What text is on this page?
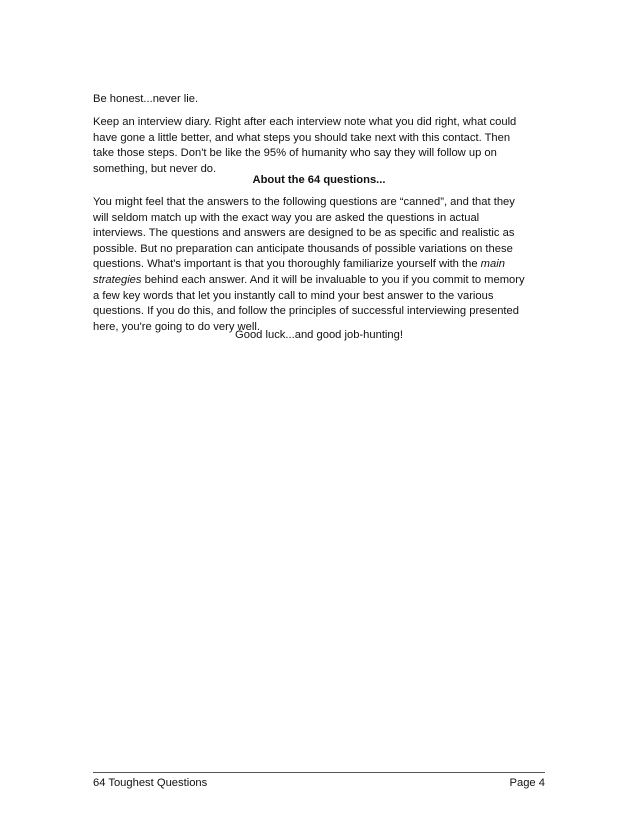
Be honest...never lie.
Keep an interview diary. Right after each interview note what you did right, what could
have gone a little better, and what steps you should take next with this contact. Then
take those steps. Don't be like the 95% of humanity who say they will follow up on
something, but never do.
About the 64 questions...
You might feel that the answers to the following questions are “canned”, and that they
will seldom match up with the exact way you are asked the questions in actual
interviews. The questions and answers are designed to be as specific and realistic as
possible. But no preparation can anticipate thousands of possible variations on these
questions. What's important is that you thoroughly familiarize yourself with the main
strategies behind each answer. And it will be invaluable to you if you commit to memory
a few key words that let you instantly call to mind your best answer to the various
questions. If you do this, and follow the principles of successful interviewing presented
here, you're going to do very well.
Good luck...and good job-hunting!
64 Toughest Questions	Page 4
